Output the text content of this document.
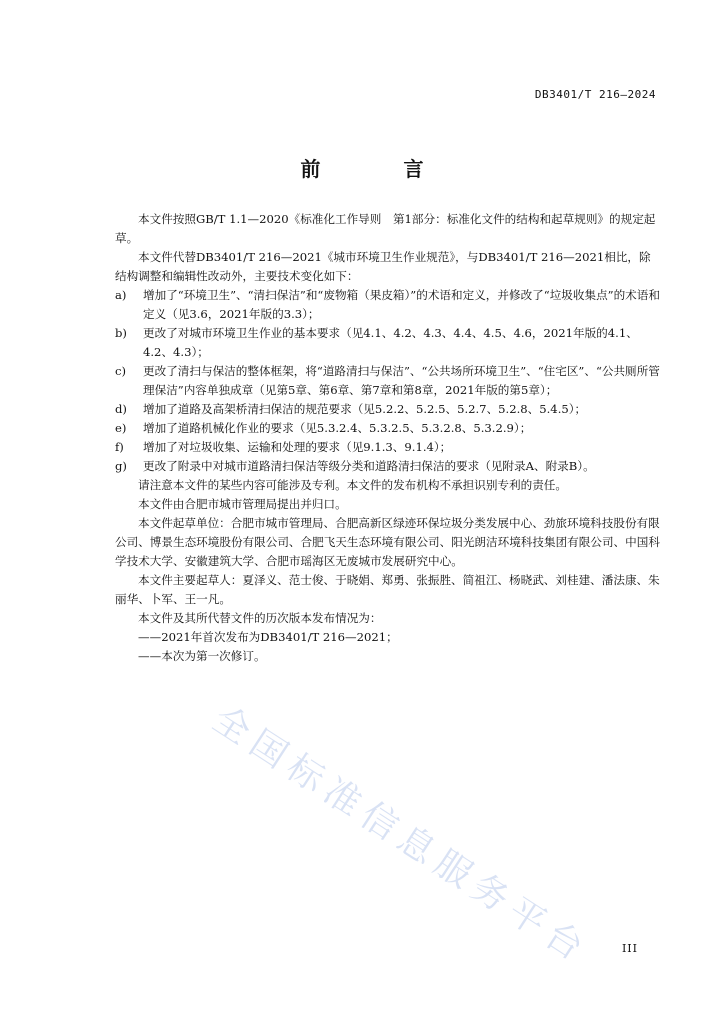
DB3401/T 216—2024
前 言
本文件按照GB/T 1.1—2020《标准化工作导则　第1部分：标准化文件的结构和起草规则》的规定起草。
本文件代替DB3401/T 216—2021《城市环境卫生作业规范》，与DB3401/T 216—2021相比，除结构调整和编辑性改动外，主要技术变化如下：
a)	增加了“环境卫生”、“清扫保洁”和“废物箱（果皮箱）”的术语和定义，并修改了“垃圾收集点”的术语和定义（见3.6，2021年版的3.3）；
b)	更改了对城市环境卫生作业的基本要求（见4.1、4.2、4.3、4.4、4.5、4.6，2021年版的4.1、4.2、4.3）；
c)	更改了清扫与保洁的整体框架，将“道路清扫与保洁”、“公共场所环境卫生”、“住宅区”、“公共厕所管理保洁”内容单独成章（见第5章、第6章、第7章和第8章，2021年版的第5章）；
d)	增加了道路及高架桥清扫保洁的规范要求（见5.2.2、5.2.5、5.2.7、5.2.8、5.4.5）；
e)	增加了道路机械化作业的要求（见5.3.2.4、5.3.2.5、5.3.2.8、5.3.2.9）；
f)	增加了对垃圾收集、运输和处理的要求（见9.1.3、9.1.4）；
g)	更改了附录中对城市道路清扫保洁等级分类和道路清扫保洁的要求（见附录A、附录B）。
请注意本文件的某些内容可能涉及专利。本文件的发布机构不承担识别专利的责任。
本文件由合肥市城市管理局提出并归口。
本文件起草单位：合肥市城市管理局、合肥高新区绿迹环保垃圾分类发展中心、劲旅环境科技股份有限公司、博景生态环境股份有限公司、合肥飞天生态环境有限公司、阳光朗洁环境科技集团有限公司、中国科学技术大学、安徽建筑大学、合肥市瑶海区无废城市发展研究中心。
本文件主要起草人：夏泽义、范士俊、于晓娟、郑勇、张振胜、简祖江、杨晓武、刘桂建、潘法康、朱丽华、卜军、王一凡。
本文件及其所代替文件的历次版本发布情况为：
——2021年首次发布为DB3401/T 216—2021；
——本次为第一次修订。
全国标准信息服务平台	III
